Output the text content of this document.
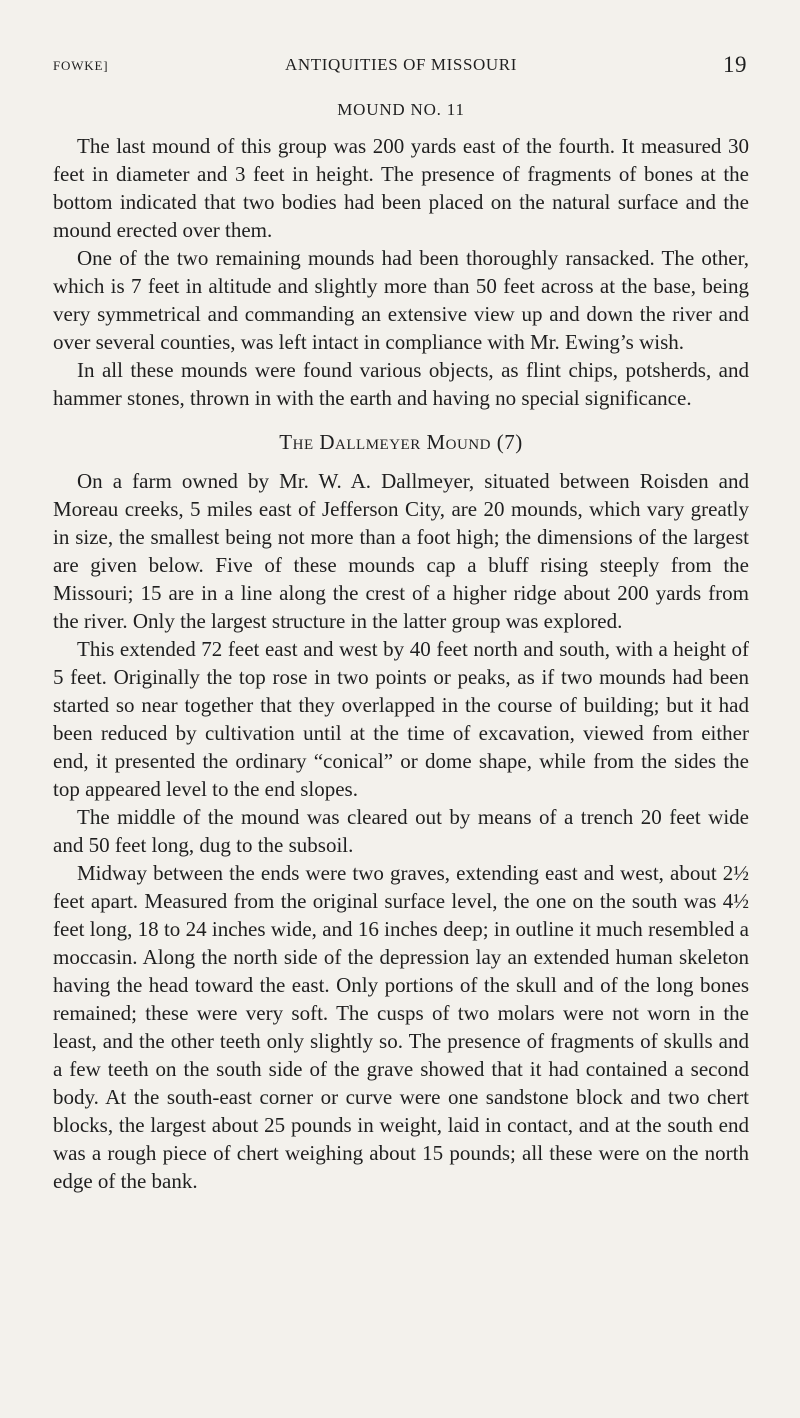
FOWKE]	ANTIQUITIES OF MISSOURI	19
MOUND NO. 11

The last mound of this group was 200 yards east of the fourth. It measured 30 feet in diameter and 3 feet in height. The presence of fragments of bones at the bottom indicated that two bodies had been placed on the natural surface and the mound erected over them.

One of the two remaining mounds had been thoroughly ransacked. The other, which is 7 feet in altitude and slightly more than 50 feet across at the base, being very symmetrical and commanding an extensive view up and down the river and over several counties, was left intact in compliance with Mr. Ewing’s wish.

In all these mounds were found various objects, as flint chips, potsherds, and hammer stones, thrown in with the earth and having no special significance.

The Dallmeyer Mound (7)

On a farm owned by Mr. W. A. Dallmeyer, situated between Roisden and Moreau creeks, 5 miles east of Jefferson City, are 20 mounds, which vary greatly in size, the smallest being not more than a foot high; the dimensions of the largest are given below. Five of these mounds cap a bluff rising steeply from the Missouri; 15 are in a line along the crest of a higher ridge about 200 yards from the river. Only the largest structure in the latter group was explored.

This extended 72 feet east and west by 40 feet north and south, with a height of 5 feet. Originally the top rose in two points or peaks, as if two mounds had been started so near together that they overlapped in the course of building; but it had been reduced by cultivation until at the time of excavation, viewed from either end, it presented the ordinary “conical” or dome shape, while from the sides the top appeared level to the end slopes.

The middle of the mound was cleared out by means of a trench 20 feet wide and 50 feet long, dug to the subsoil.

Midway between the ends were two graves, extending east and west, about 2½ feet apart. Measured from the original surface level, the one on the south was 4½ feet long, 18 to 24 inches wide, and 16 inches deep; in outline it much resembled a moccasin. Along the north side of the depression lay an extended human skeleton having the head toward the east. Only portions of the skull and of the long bones remained; these were very soft. The cusps of two molars were not worn in the least, and the other teeth only slightly so. The presence of fragments of skulls and a few teeth on the south side of the grave showed that it had contained a second body. At the south-east corner or curve were one sandstone block and two chert blocks, the largest about 25 pounds in weight, laid in contact, and at the south end was a rough piece of chert weighing about 15 pounds; all these were on the north edge of the bank.
